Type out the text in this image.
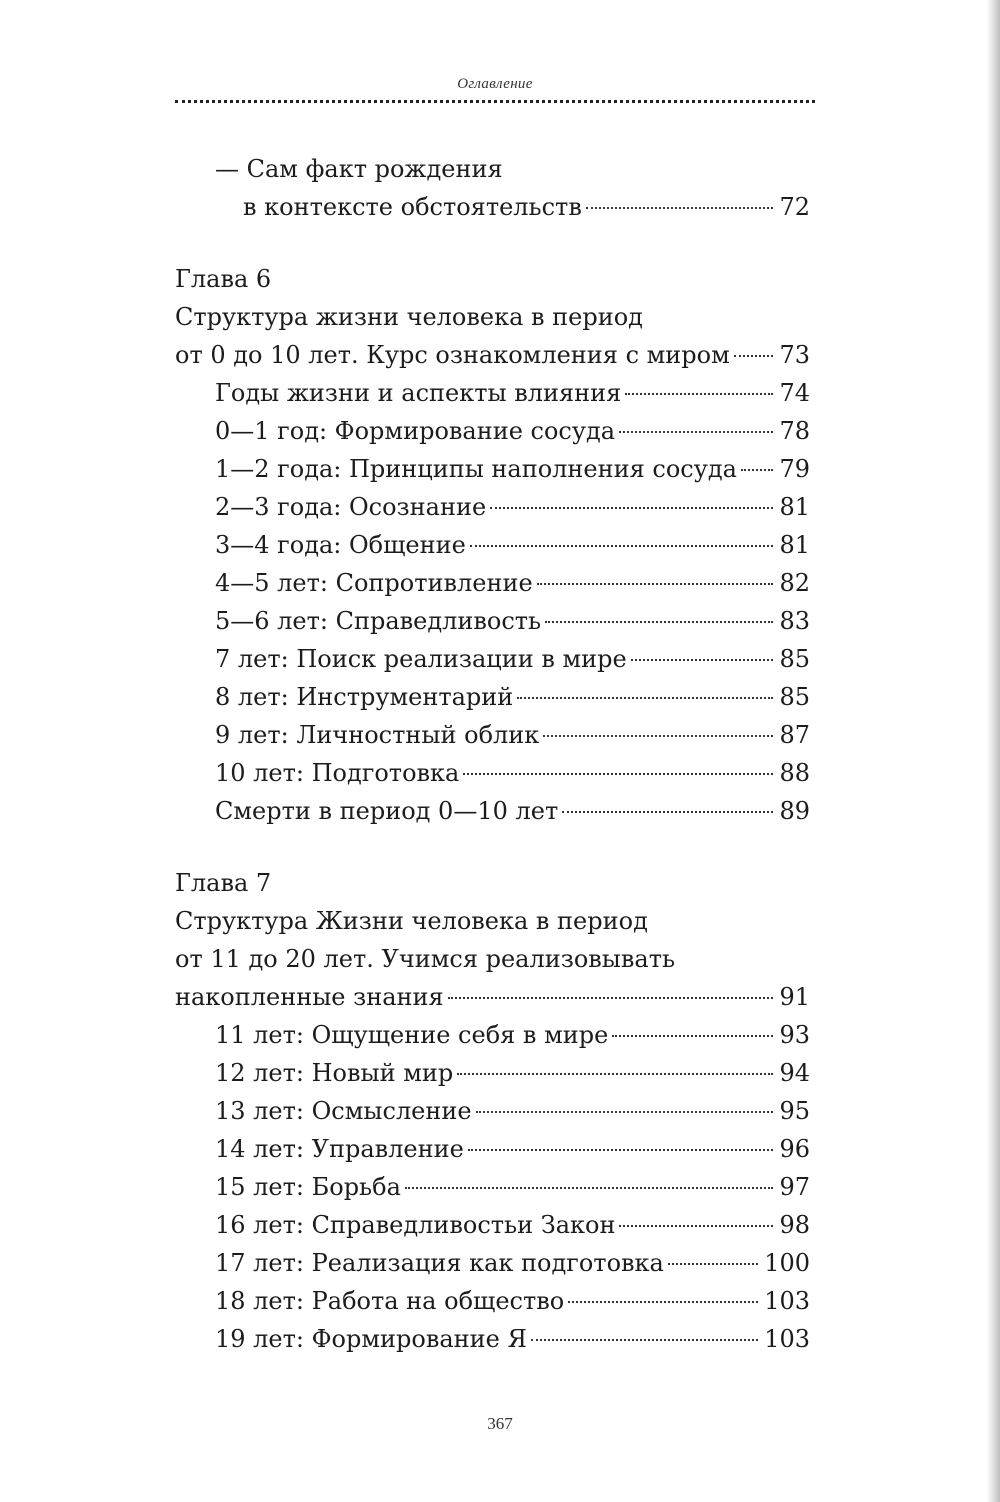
Оглавление
— Сам факт рождения
в контексте обстоятельств	72
Глава 6
Структура жизни человека в период
от 0 до 10 лет. Курс ознакомления с миром 73
Годы жизни и аспекты влияния	74
0—1 год: Формирование сосуда	78
1—2 года: Принципы наполнения сосуда 79
2—3 года: Осознание	81
3—4 года: Общение	81
4—5 лет: Сопротивление	82
5—6 лет: Справедливость	83
7 лет: Поиск реализации в мире	85
8 лет: Инструментарий	85
9 лет: Личностный облик	87
10 лет: Подготовка	88
Смерти в период 0—10 лет	89
Глава 7
Структура Жизни человека в период
от 11 до 20 лет. Учимся реализовывать
накопленные знания	91
11 лет: Ощущение себя в мире	93
12 лет: Новый мир	94
13 лет: Осмысление	95
14 лет: Управление	96
15 лет: Борьба	97
16 лет: Справедливостьи Закон	98
17 лет: Реализация как подготовка	100
18 лет: Работа на общество	103
19 лет: Формирование Я	103
367
